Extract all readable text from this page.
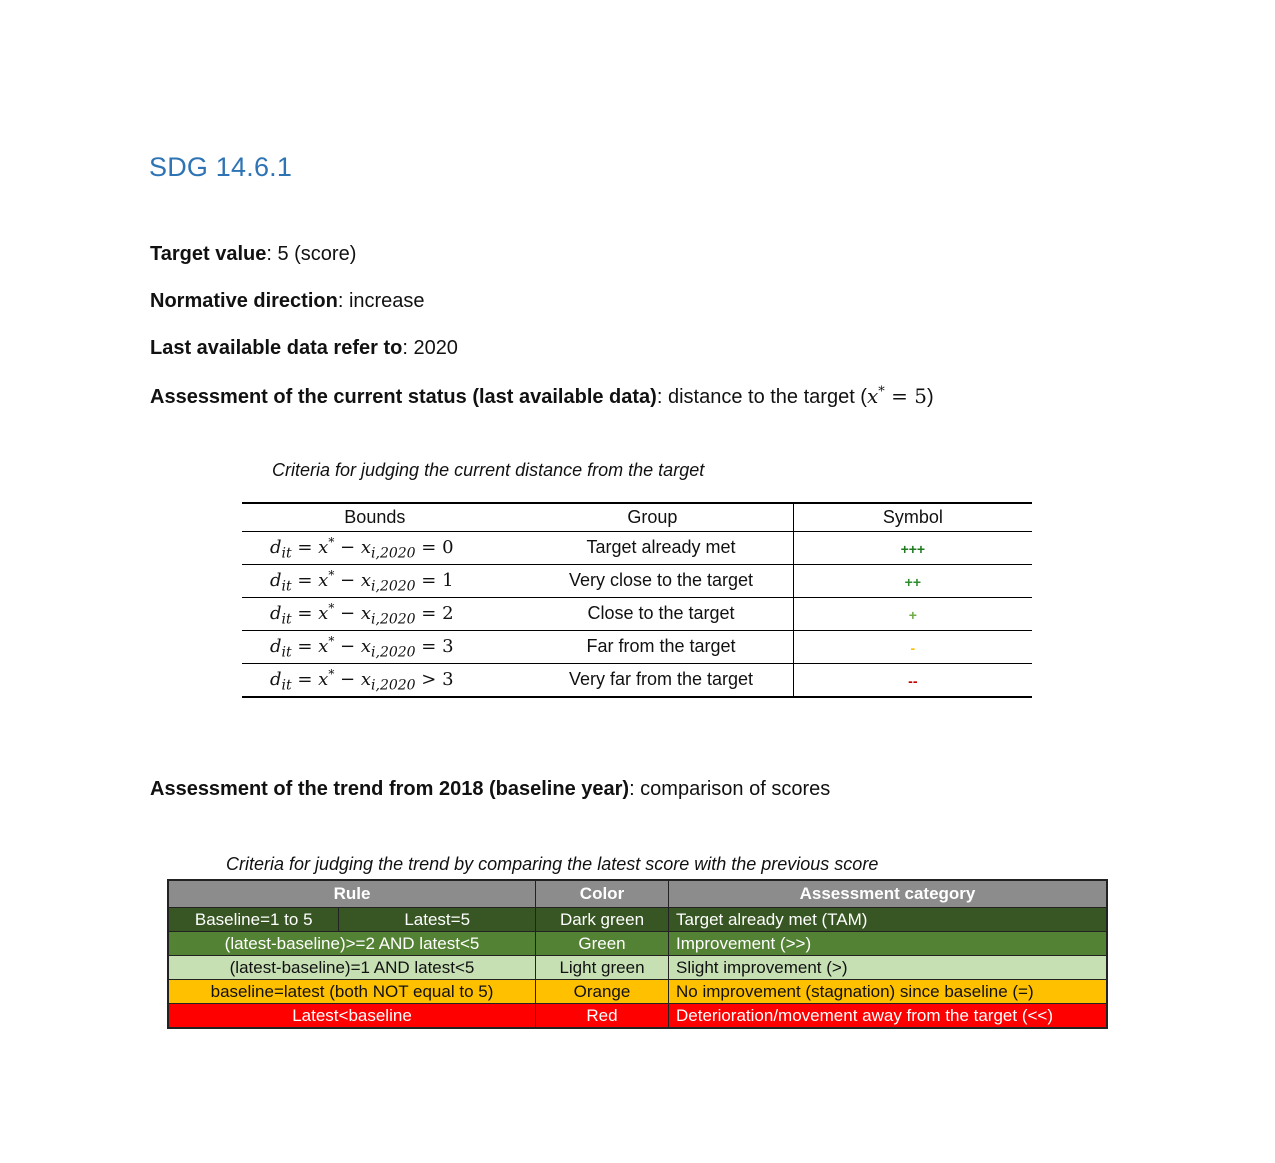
SDG 14.6.1
Target value: 5 (score)
Normative direction: increase
Last available data refer to: 2020
Assessment of the current status (last available data): distance to the target (x* = 5)
Criteria for judging the current distance from the target
Bounds Group	Symbol
$d_{it} = x^* - x_{i,2020} = 0$ Target already met	+++
$d_{it} = x^* - x_{i,2020} = 1$ Very close to the target	++
$d_{it} = x^* - x_{i,2020} = 2$ Close to the target	+
$d_{it} = x^* - x_{i,2020} = 3$ Far from the target	-
$d_{it} = x^* - x_{i,2020} > 3$ Very far from the target	--
Assessment of the trend from 2018 (baseline year): comparison of scores
Criteria for judging the trend by comparing the latest score with the previous score
Rule		Color	Assessment category
Baseline=1 to 5	Latest=5	Dark green	Target already met (TAM)
(latest-baseline)>=2 AND latest<5		Green	Improvement (>>)
(latest-baseline)=1 AND latest<5		Light green	Slight improvement (>)
baseline=latest (both NOT equal to 5)		Orange	No improvement (stagnation) since baseline (=)
Latest<baseline		Red	Deterioration/movement away from the target (<<)
